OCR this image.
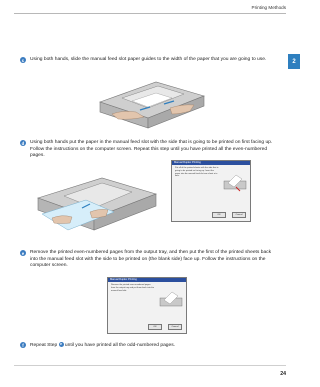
Printing Methods
2
c	Using both hands, slide the manual feed slot paper guides to the width of the paper that you are going to use.
d	Using both hands put the paper in the manual feed slot with the side that is going to be printed on first facing up. Follow the instructions on the computer screen. Repeat this step until you have printed all the even-numbered pages.
Manual Duplex Printing
Put all of the printed sheets with the side that is going to be printed on facing up. Insert the paper into the manual feed slot one sheet at a time.
OK	Cancel
e	Remove the printed even-numbered pages from the output tray, and then put the first of the printed sheets back into the manual feed slot with the side to be printed on (the blank side) face up. Follow the instructions on the computer screen.
Manual Duplex Printing
Remove the printed even-numbered pages from the output tray and put them back into the manual feed slot.
OK	Cancel
f	Repeat Step e until you have printed all the odd-numbered pages.
24
